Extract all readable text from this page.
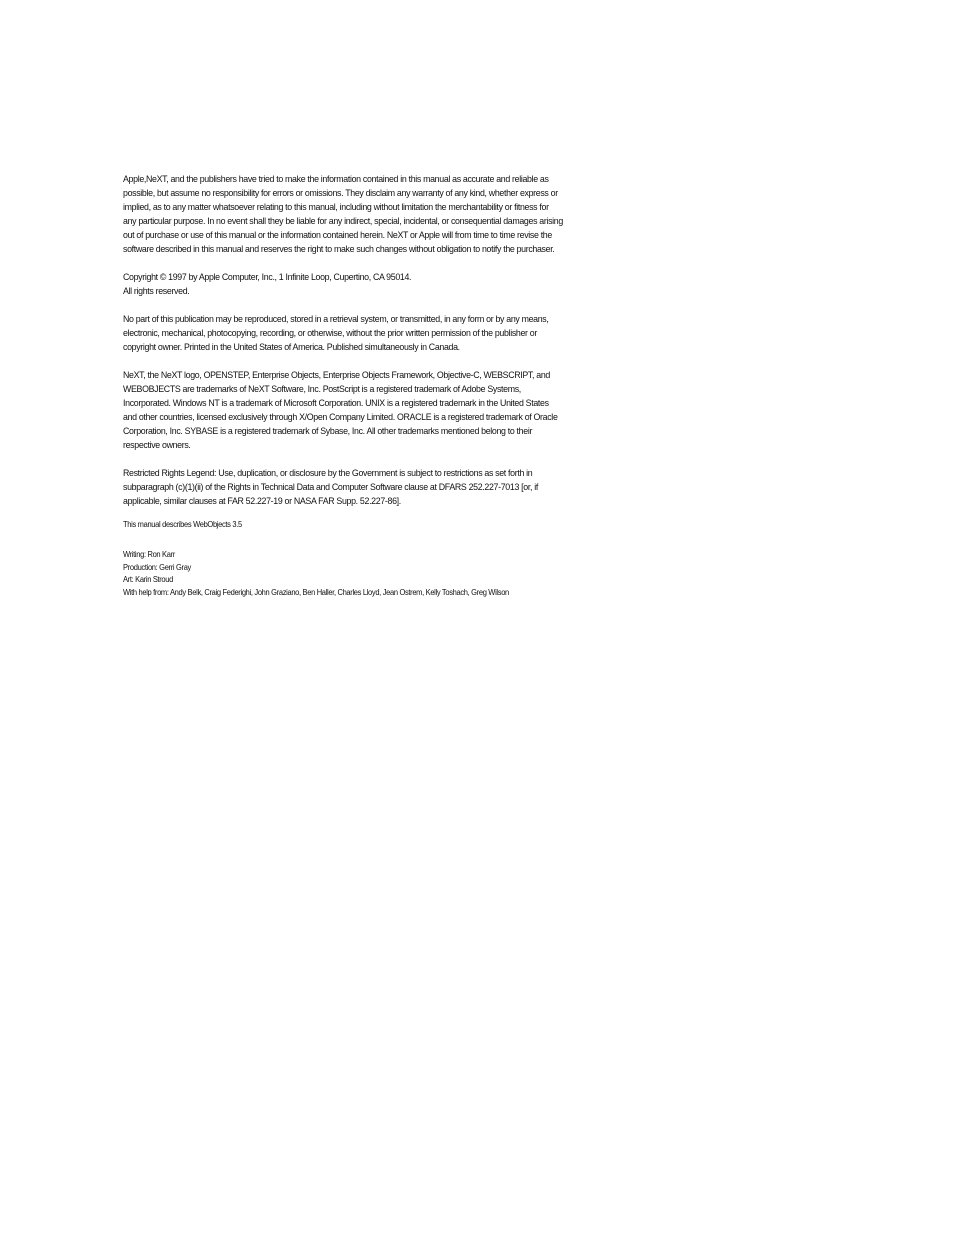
Apple,NeXT, and the publishers have tried to make the information contained in this manual as accurate and reliable as possible, but assume no responsibility for errors or omissions. They disclaim any warranty of any kind, whether express or implied, as to any matter whatsoever relating to this manual, including without limitation the merchantability or fitness for any particular purpose. In no event shall they be liable for any indirect, special, incidental, or consequential damages arising out of purchase or use of this manual or the information contained herein. NeXT or Apple will from time to time revise the software described in this manual and reserves the right to make such changes without obligation to notify the purchaser.

Copyright © 1997 by Apple Computer, Inc., 1 Infinite Loop, Cupertino, CA 95014.
All rights reserved.

No part of this publication may be reproduced, stored in a retrieval system, or transmitted, in any form or by any means, electronic, mechanical, photocopying, recording, or otherwise, without the prior written permission of the publisher or copyright owner. Printed in the United States of America. Published simultaneously in Canada.

NeXT, the NeXT logo, OPENSTEP, Enterprise Objects, Enterprise Objects Framework, Objective-C, WEBSCRIPT, and WEBOBJECTS are trademarks of NeXT Software, Inc. PostScript is a registered trademark of Adobe Systems, Incorporated. Windows NT is a trademark of Microsoft Corporation. UNIX is a registered trademark in the United States and other countries, licensed exclusively through X/Open Company Limited. ORACLE is a registered trademark of Oracle Corporation, Inc. SYBASE is a registered trademark of Sybase, Inc. All other trademarks mentioned belong to their respective owners.

Restricted Rights Legend: Use, duplication, or disclosure by the Government is subject to restrictions as set forth in subparagraph (c)(1)(ii) of the Rights in Technical Data and Computer Software clause at DFARS 252.227-7013 [or, if applicable, similar clauses at FAR 52.227-19 or NASA FAR Supp. 52.227-86].

This manual describes WebObjects 3.5

Writing: Ron Karr
Production: Gerri Gray
Art: Karin Stroud
With help from: Andy Belk, Craig Federighi, John Graziano, Ben Haller, Charles Lloyd, Jean Ostrem, Kelly Toshach, Greg Wilson
